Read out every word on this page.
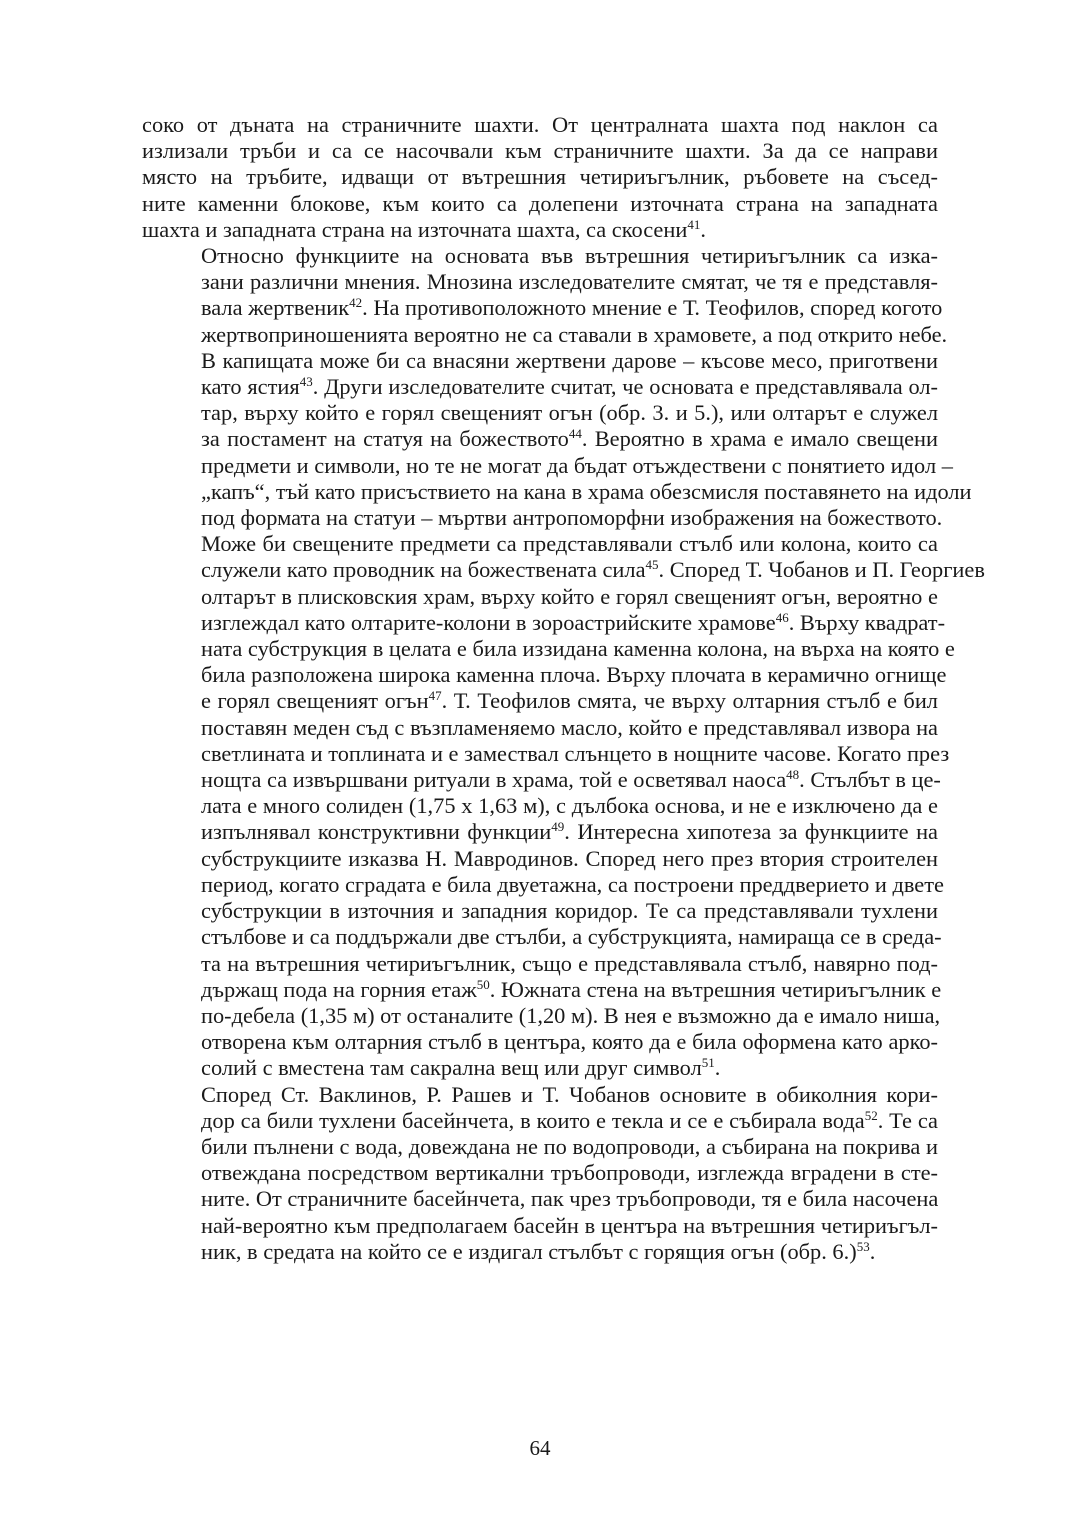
соко от дъната на страничните шахти. От централната шахта под наклон са
излизали тръби и са се насочвали към страничните шахти. За да се направи
място на тръбите, идващи от вътрешния четириъгълник, ръбовете на съсед-
ните каменни блокове, към които са долепени източната страна на западната
шахта и западната страна на източната шахта, са скосени$^{41}$.
Относно функциите на основата във вътрешния четириъгълник са изка-
зани различни мнения. Мнозина изследователите смятат, че тя е представля-
вала жертвеник$^{42}$. На противоположното мнение е Т. Теофилов, според когото
жертвоприношенията вероятно не са ставали в храмовете, а под открито небе.
В капищата може би са внасяни жертвени дарове – късове месо, приготвени
като ястия$^{43}$. Други изследователите считат, че основата е представлявала ол-
тар, върху който е горял свещеният огън (обр. 3. и 5.), или олтарът е служел
за постамент на статуя на божеството$^{44}$. Вероятно в храма е имало свещени
предмети и символи, но те не могат да бъдат отъждествени с понятието идол –
„капъ“, тъй като присъствието на кана в храма обезсмисля поставянето на идоли
под формата на статуи – мъртви антропоморфни изображения на божеството.
Може би свещените предмети са представлявали стълб или колона, които са
служели като проводник на божествената сила$^{45}$. Според Т. Чобанов и П. Георгиев
олтарът в плисковския храм, върху който е горял свещеният огън, вероятно е
изглеждал като олтарите-колони в зороастрийските храмове$^{46}$. Върху квадрат-
ната субструкция в целата е била иззидана каменна колона, на върха на която е
била разположена широка каменна плоча. Върху плочата в керамично огнище
е горял свещеният огън$^{47}$. Т. Теофилов смята, че върху олтарния стълб е бил
поставян меден съд с възпламеняемо масло, който е представлявал извора на
светлината и топлината и е замествал слънцето в нощните часове. Когато през
нощта са извършвани ритуали в храма, той е осветявал наоса$^{48}$. Стълбът в це-
лата е много солиден (1,75 х 1,63 м), с дълбока основа, и не е изключено да е
изпълнявал конструктивни функции$^{49}$. Интересна хипотеза за функциите на
субструкциите изказва Н. Мавродинов. Според него през втория строителен
период, когато сградата е била двуетажна, са построени преддверието и двете
субструкции в източния и западния коридор. Те са представлявали тухлени
стълбове и са поддържали две стълби, а субструкцията, намираща се в среда-
та на вътрешния четириъгълник, също е представлявала стълб, навярно под-
държащ пода на горния етаж$^{50}$. Южната стена на вътрешния четириъгълник е
по-дебела (1,35 м) от останалите (1,20 м). В нея е възможно да е имало ниша,
отворена към олтарния стълб в центъра, която да е била оформена като арко-
солий с вместена там сакрална вещ или друг символ$^{51}$.
Според Ст. Ваклинов, Р. Рашев и Т. Чобанов основите в обиколния кори-
дор са били тухлени басейнчета, в които е текла и се е събирала вода$^{52}$. Те са
били пълнени с вода, довеждана не по водопроводи, а събирана на покрива и
отвеждана посредством вертикални тръбопроводи, изглежда вградени в сте-
ните. От страничните басейнчета, пак чрез тръбопроводи, тя е била насочена
най-вероятно към предполагаем басейн в центъра на вътрешния четириъгъл-
ник, в средата на който се е издигал стълбът с горящия огън (обр. 6.)$^{53}$.
64
